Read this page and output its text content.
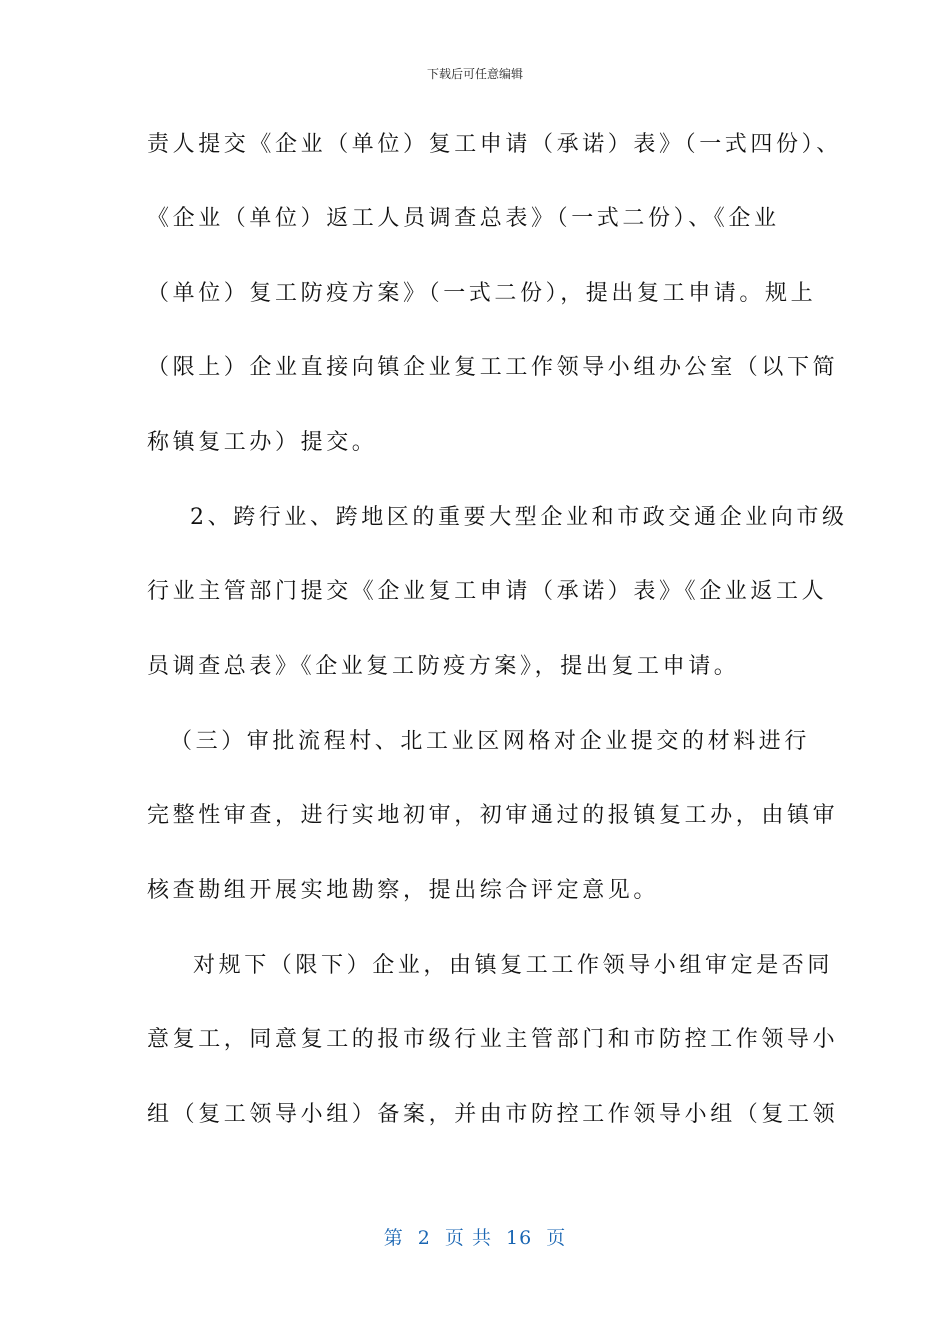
下载后可任意编辑
责人提交《企业（单位）复工申请（承诺）表》（一式四份）、
《企业（单位）返工人员调查总表》（一式二份）、《企业
（单位）复工防疫方案》（一式二份），提出复工申请。规上
（限上）企业直接向镇企业复工工作领导小组办公室（以下简
称镇复工办）提交。
2、跨行业、跨地区的重要大型企业和市政交通企业向市级
行业主管部门提交《企业复工申请（承诺）表》《企业返工人
员调查总表》《企业复工防疫方案》，提出复工申请。
（三）审批流程村、北工业区网格对企业提交的材料进行
完整性审查，进行实地初审，初审通过的报镇复工办，由镇审
核查勘组开展实地勘察，提出综合评定意见。
对规下（限下）企业，由镇复工工作领导小组审定是否同
意复工，同意复工的报市级行业主管部门和市防控工作领导小
组（复工领导小组）备案，并由市防控工作领导小组（复工领
第  2  页 共  16  页
